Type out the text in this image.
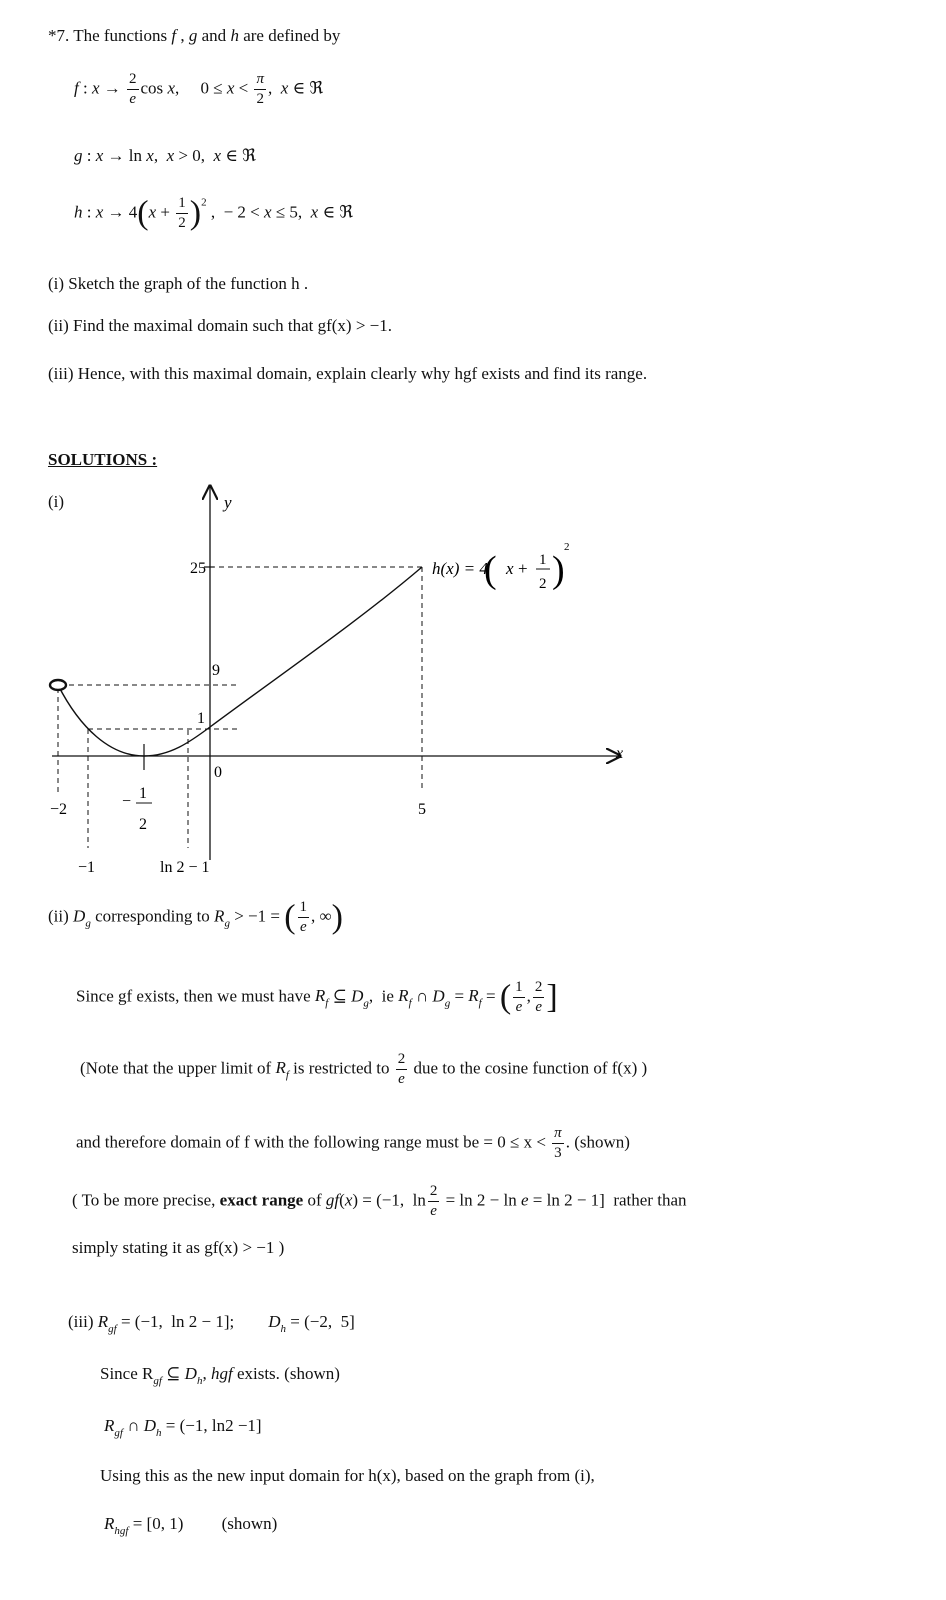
*7. The functions f , g and h are defined by
f : $x \to \frac{2}{e}$ cos x,     $0 \le x < \frac{\pi}{2}$ ,  x ∈ ℜ
g : x → ln x,  x > 0,  x ∈ ℜ
h : $x \to 4(x + \frac{1}{2} )^2$ ,  − 2 < x ≤ 5,  x ∈ ℜ
(i) Sketch the graph of the function h .
(ii) Find the maximal domain such that gf(x) > −1.
(iii) Hence, with this maximal domain, explain clearly why hgf exists and find its range.
SOLUTIONS :
(i)
x
y
0
25
9
1
−2
−1	ln 2 − 1
5
− 1
2
h(x) = 4
( x + 1
2 )
2
(ii) $D_g$ corresponding to $R_g > -1$ = ( $\frac{1}{e}$ , ∞)
Since gf exists, then we must have $R_f$ ⊆ $D_g$,  ie $R_f$ ∩ $D_g = R_f$ = ( $\frac{1}{e}$ , $\frac{2}{e}$ ]
(Note that the upper limit of $R_f$ is restricted to $\frac{2}{e}$ due to the cosine function of f(x) )
and therefore domain of f with the following range must be = $0 \le x < \frac{\pi}{3}$ . (shown)
( To be more precise, exact range of gf(x) = (−1,  $\ln \frac{2}{e} = \ln 2 - \ln e = \ln 2 - 1$]  rather than
simply stating it as gf(x) > −1 )
(iii) $R_{gf} = (-1$,  ln 2 − 1];        $D_h = (-2$,  5]
Since $R_{gf}$ ⊆ $D_h$, hgf exists. (shown)
$R_{gf}$ ∩ $D_h = (-1$, ln2 −1]
Using this as the new input domain for h(x), based on the graph from (i),
$R_{hgf} = [0$, 1) (shown)
